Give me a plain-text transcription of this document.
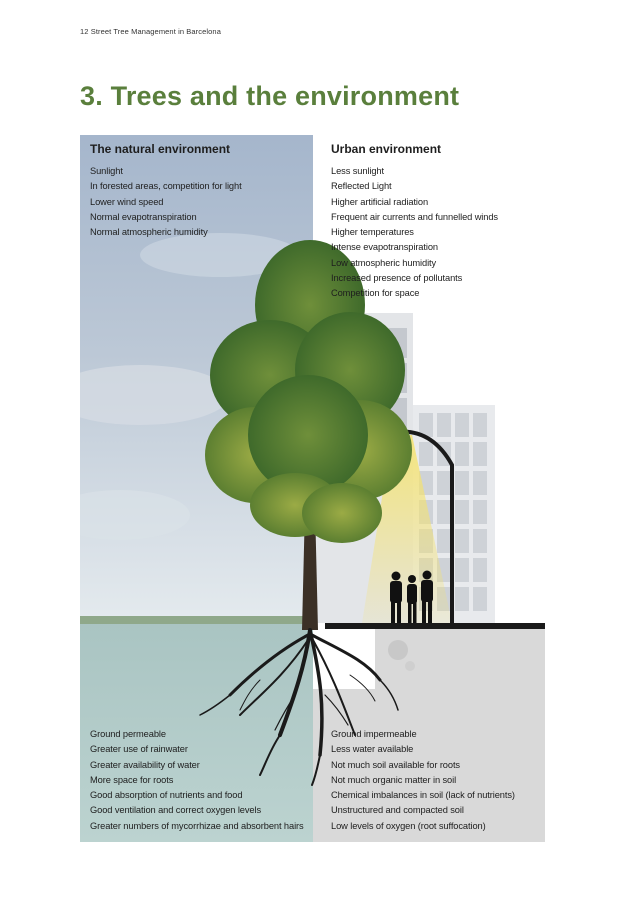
12 Street Tree Management in Barcelona
3. Trees and the environment
The natural environment
Sunlight
In forested areas, competition for light
Lower wind speed
Normal evapotranspiration
Normal atmospheric humidity
Urban environment
Less sunlight
Reflected Light
Higher artificial radiation
Frequent air currents and funnelled winds
Higher temperatures
Intense evapotranspiration
Low atmospheric humidity
Increased presence of pollutants
Competition for space
Ground permeable
Greater use of rainwater
Greater availability of water
More space for roots
Good absorption of nutrients and food
Good ventilation and correct oxygen levels
Greater numbers of mycorrhizae and absorbent hairs
Ground impermeable
Less water available
Not much soil available for roots
Not much organic matter in soil
Chemical imbalances in soil (lack of nutrients)
Unstructured and compacted soil
Low levels of oxygen (root suffocation)
